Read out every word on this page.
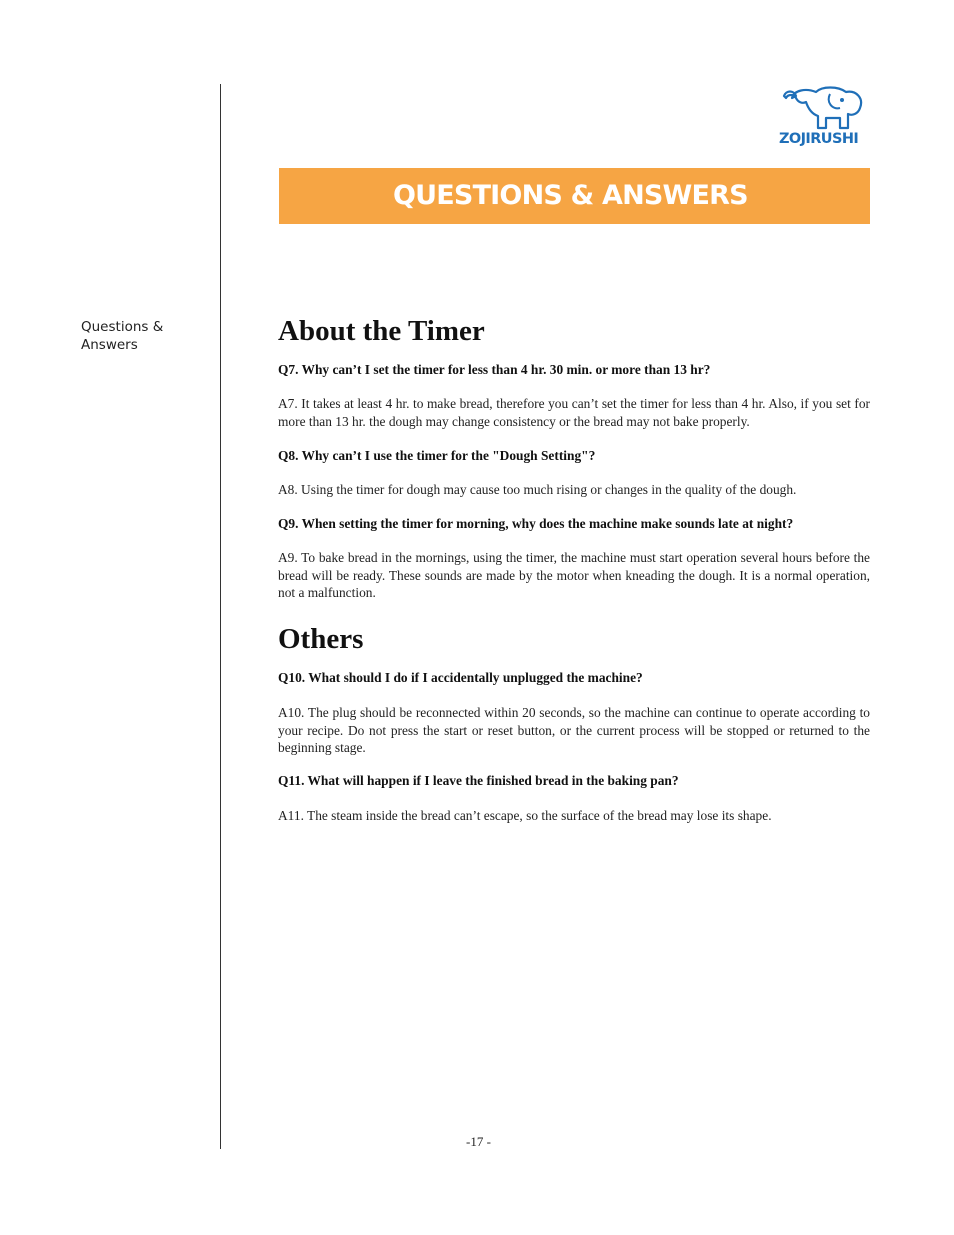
Questions & Answers
ZOJIRUSHI
QUESTIONS & ANSWERS
About the Timer
Q7. Why can’t I set the timer for less than 4 hr. 30 min. or more than 13 hr?
A7. It takes at least 4 hr. to make bread, therefore you can’t set the timer for less than 4 hr. Also, if you set for more than 13 hr. the dough may change consistency or the bread may not bake properly.
Q8. Why can’t I use the timer for the "Dough Setting"?
A8. Using the timer for dough may cause too much rising or changes in the quality of the dough.
Q9. When setting the timer for morning, why does the machine make sounds late at night?
A9. To bake bread in the mornings, using the timer, the machine must start operation several hours before the bread will be ready. These sounds are made by the motor when kneading the dough. It is a normal operation, not a malfunction.
Others
Q10. What should I do if I accidentally unplugged the machine?
A10. The plug should be reconnected within 20 seconds, so the machine can continue to operate according to your recipe. Do not press the start or reset button, or the current process will be stopped or returned to the beginning stage.
Q11. What will happen if I leave the finished bread in the baking pan?
A11. The steam inside the bread can’t escape, so the surface of the bread may lose its shape.
-17 -
